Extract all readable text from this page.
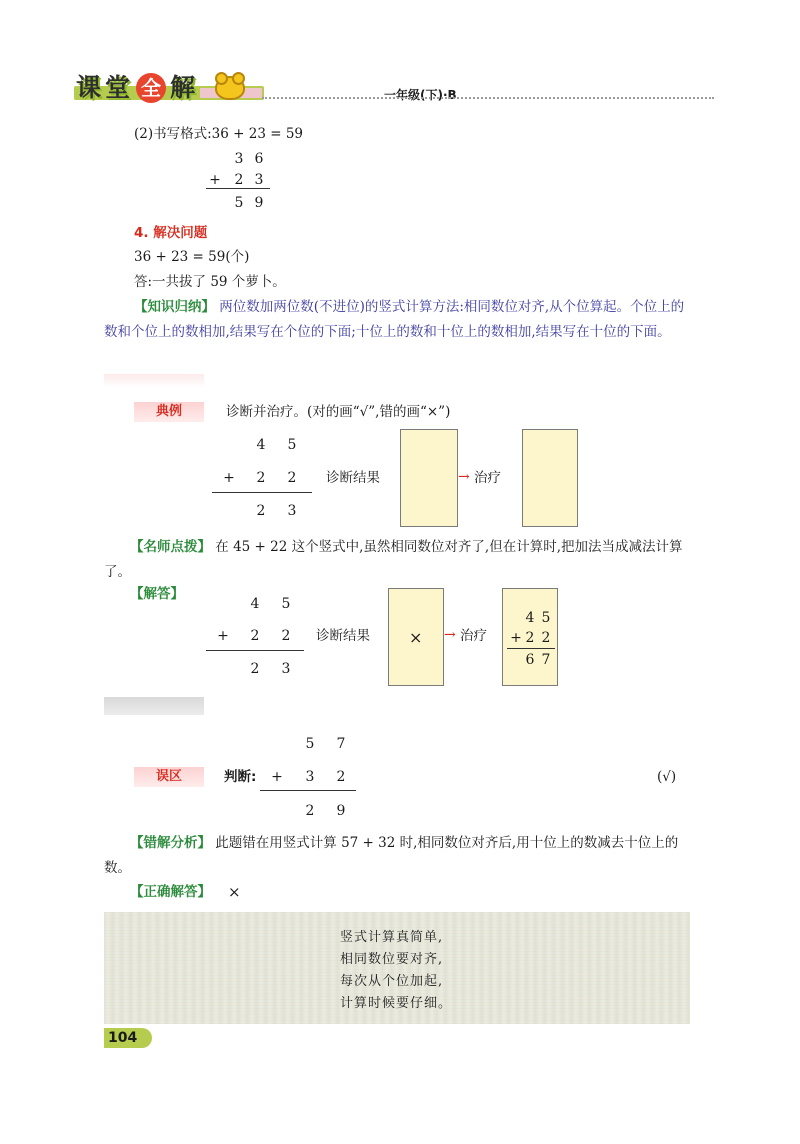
课 堂 全 解	一年级(下)·B
(2)书写格式:36 + 23 = 59
3 6
+ 2 3
5 9
4. 解决问题
36 + 23 = 59(个)
答:一共拔了 59 个萝卜。
【知识归纳】 两位数加两位数(不进位)的竖式计算方法:相同数位对齐,从个位算起。个位上的数和个位上的数相加,结果写在个位的下面;十位上的数和十位上的数相加,结果写在十位的下面。
典例	诊断并治疗。(对的画“√”,错的画“×”)
4 5
+ 2 2
2 3
诊断结果	→ 治疗
【名师点拨】 在 45 + 22 这个竖式中,虽然相同数位对齐了,但在计算时,把加法当成减法计算了。
【解答】
4 5
+ 2 2
2 3
诊断结果 × → 治疗
4 5
+ 2 2
6 7
5 7
误区	判断: + 3 2
2 9
(√)
【错解分析】 此题错在用竖式计算 57 + 32 时,相同数位对齐后,用十位上的数减去十位上的数。
【正确解答】 ×
竖式计算真简单,
相同数位要对齐,
每次从个位加起,
计算时候要仔细。
104
